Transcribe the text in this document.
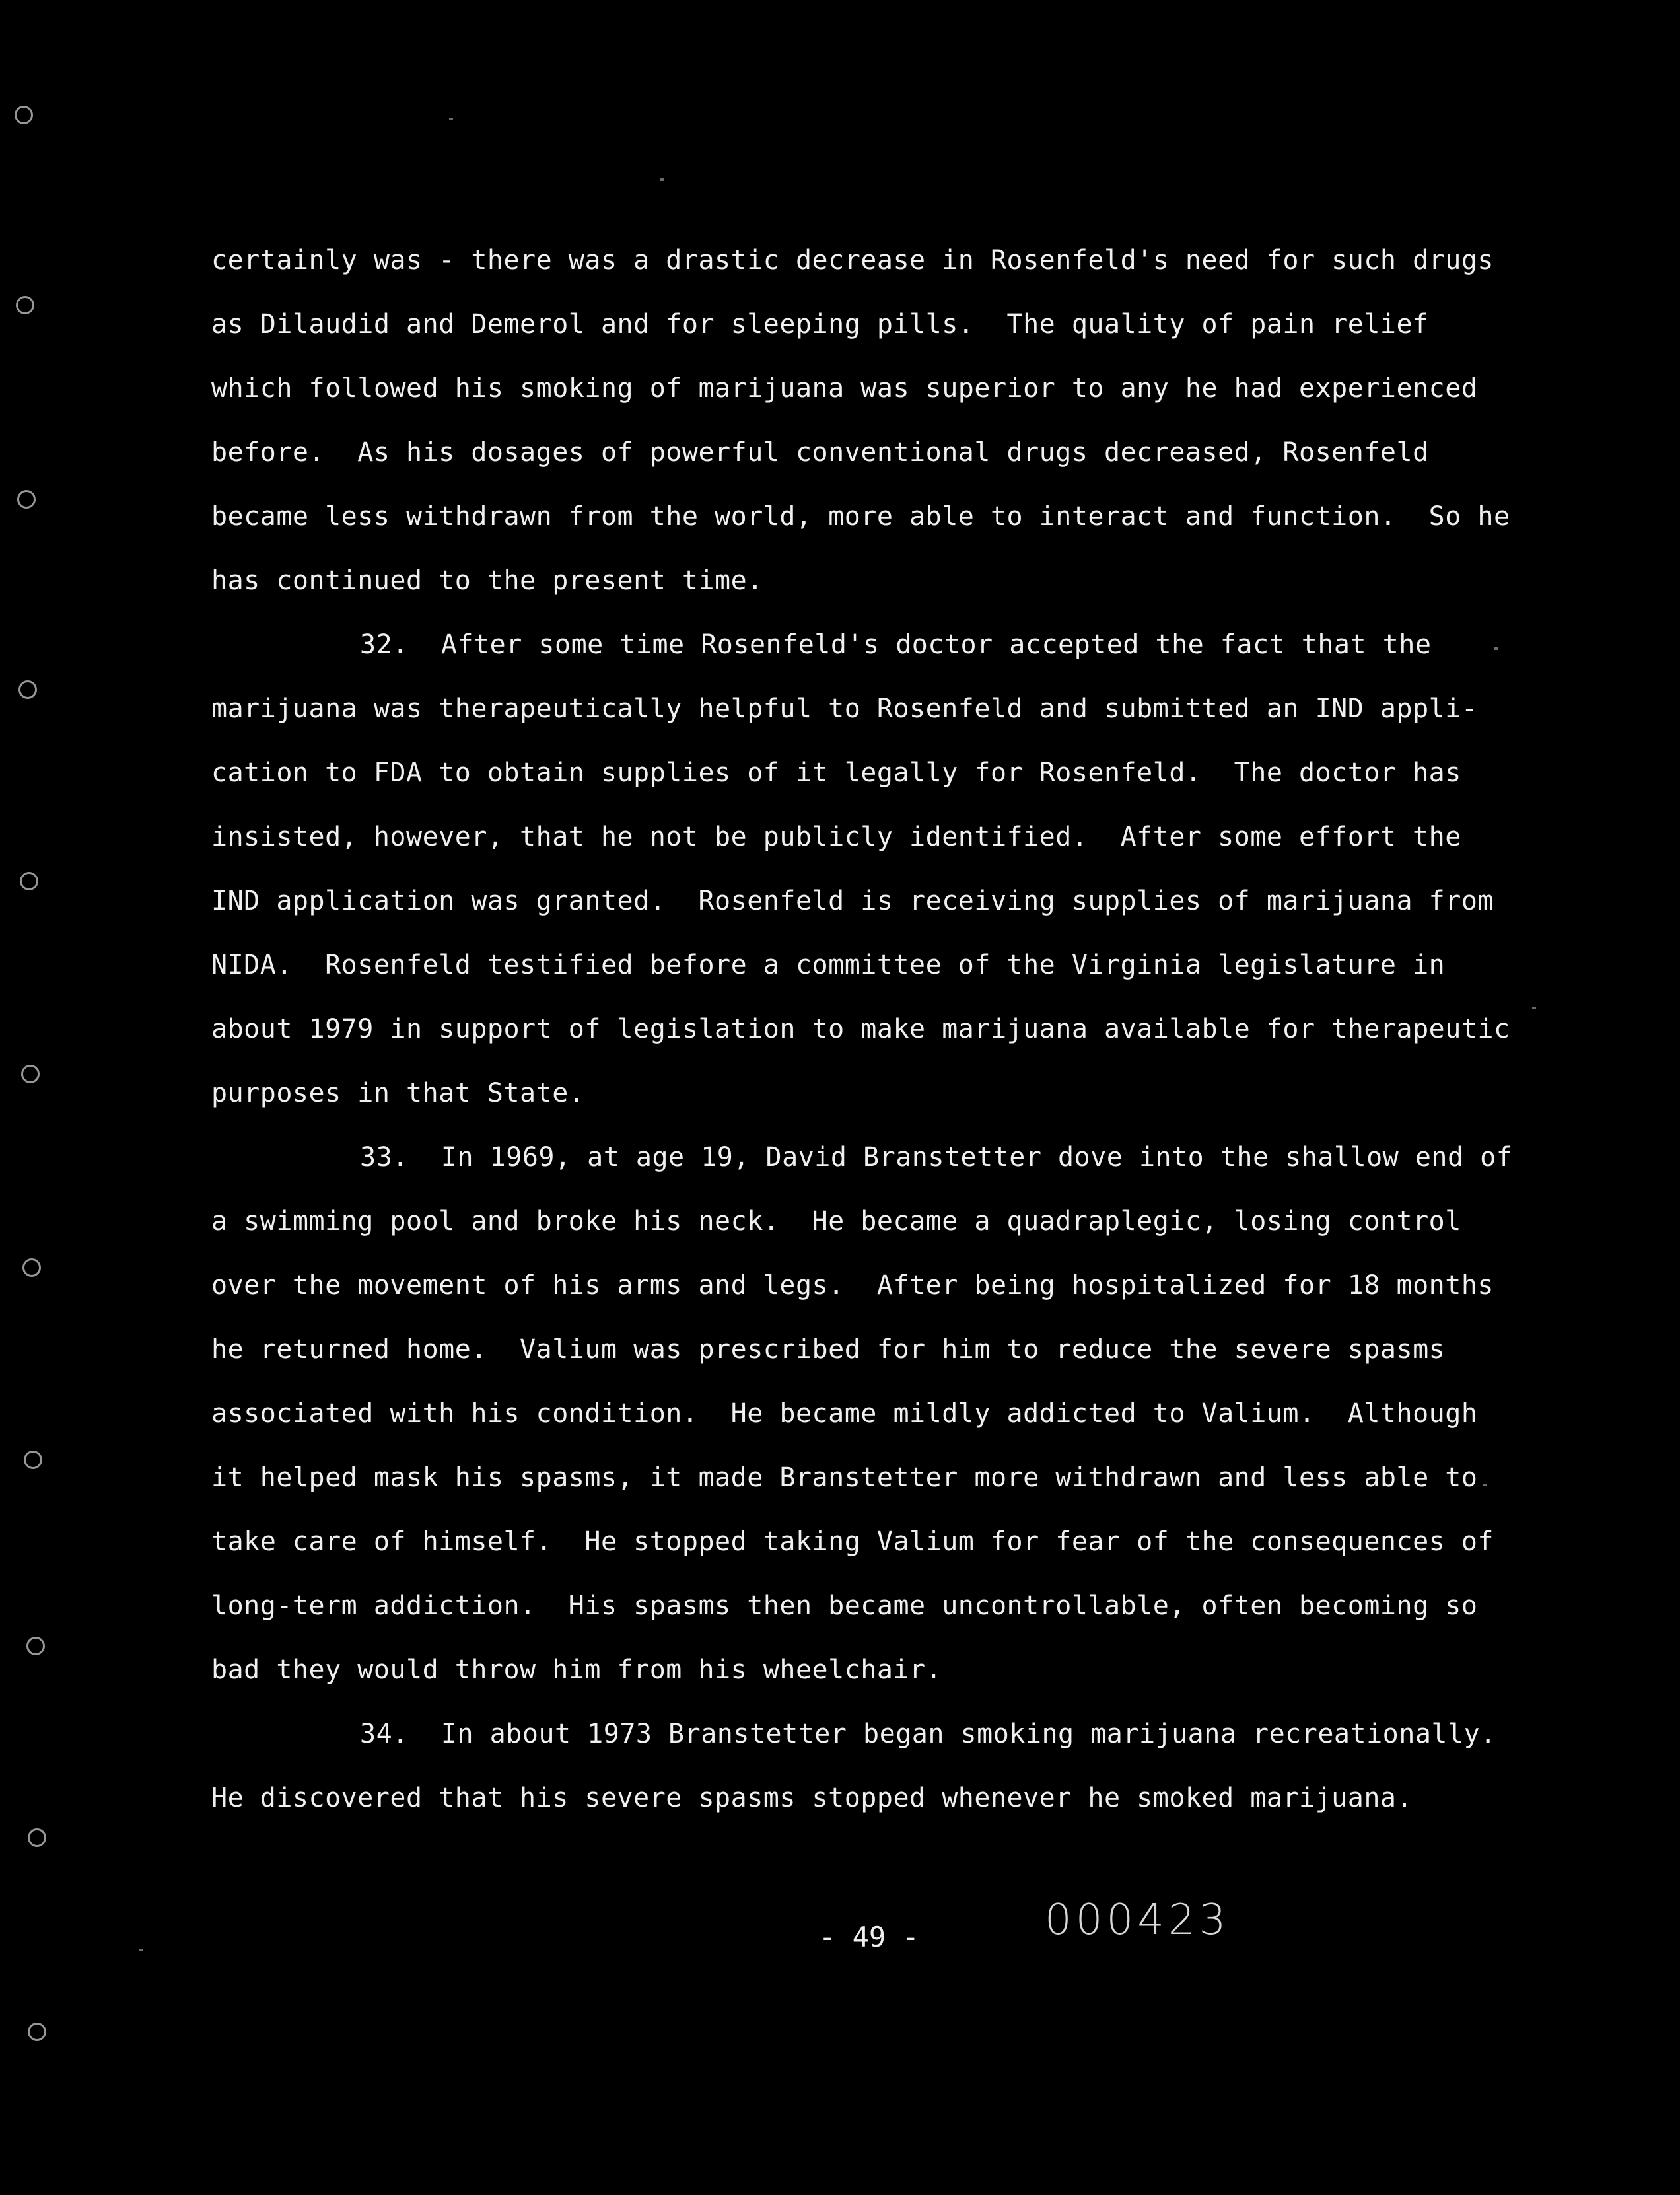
certainly was - there was a drastic decrease in Rosenfeld's need for such drugs
as Dilaudid and Demerol and for sleeping pills.  The quality of pain relief
which followed his smoking of marijuana was superior to any he had experienced
before.  As his dosages of powerful conventional drugs decreased, Rosenfeld
became less withdrawn from the world, more able to interact and function.  So he
has continued to the present time.
32.  After some time Rosenfeld's doctor accepted the fact that the
marijuana was therapeutically helpful to Rosenfeld and submitted an IND appli-
cation to FDA to obtain supplies of it legally for Rosenfeld.  The doctor has
insisted, however, that he not be publicly identified.  After some effort the
IND application was granted.  Rosenfeld is receiving supplies of marijuana from
NIDA.  Rosenfeld testified before a committee of the Virginia legislature in
about 1979 in support of legislation to make marijuana available for therapeutic
purposes in that State.
33.  In 1969, at age 19, David Branstetter dove into the shallow end of
a swimming pool and broke his neck.  He became a quadraplegic, losing control
over the movement of his arms and legs.  After being hospitalized for 18 months
he returned home.  Valium was prescribed for him to reduce the severe spasms
associated with his condition.  He became mildly addicted to Valium.  Although
it helped mask his spasms, it made Branstetter more withdrawn and less able to
take care of himself.  He stopped taking Valium for fear of the consequences of
long-term addiction.  His spasms then became uncontrollable, often becoming so
bad they would throw him from his wheelchair.
34.  In about 1973 Branstetter began smoking marijuana recreationally.
He discovered that his severe spasms stopped whenever he smoked marijuana.
- 49 -	000423
